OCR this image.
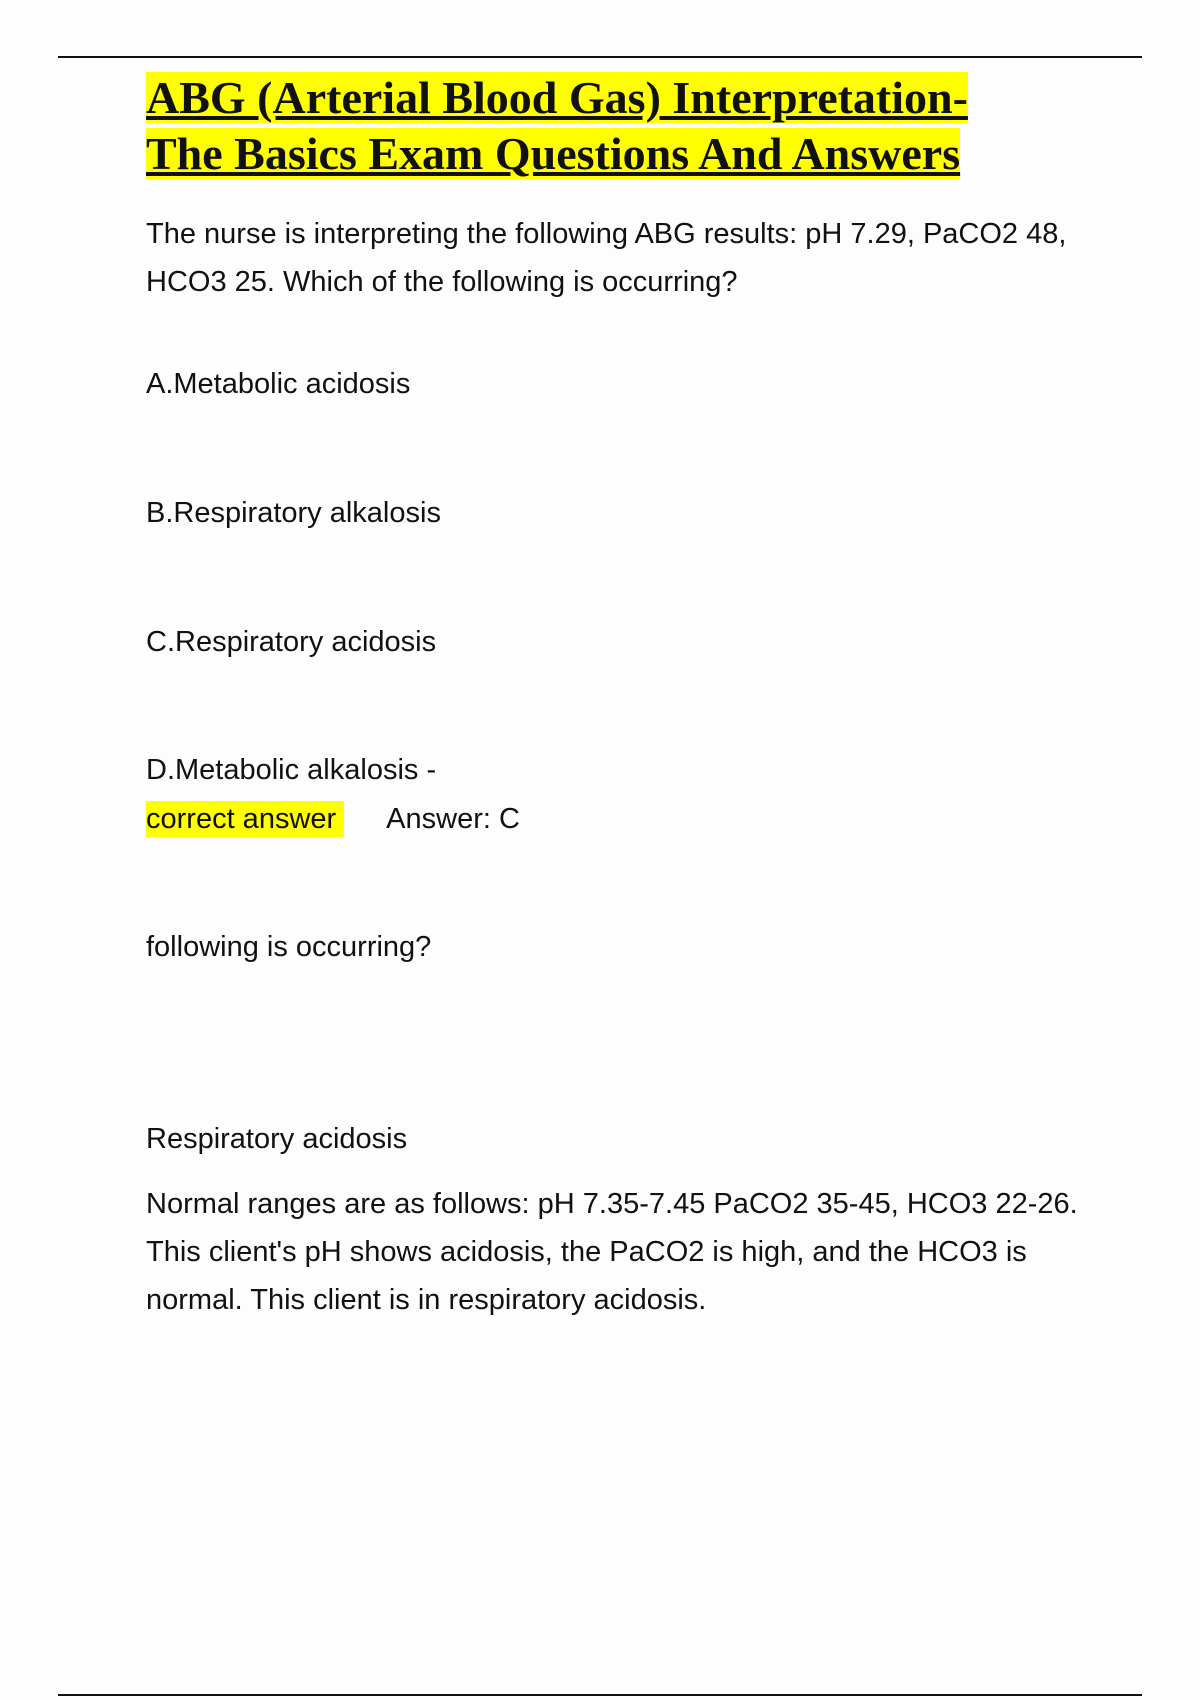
ABG (Arterial Blood Gas) Interpretation-
The Basics Exam Questions And Answers

The nurse is interpreting the following ABG results: pH 7.29, PaCO2 48, HCO3 25. Which of the following is occurring?

A.Metabolic acidosis

B.Respiratory alkalosis

C.Respiratory acidosis

D.Metabolic alkalosis -

correct answer Answer: C

following is occurring?

Respiratory acidosis

Normal ranges are as follows: pH 7.35-7.45 PaCO2 35-45, HCO3 22-26. This client's pH shows acidosis, the PaCO2 is high, and the HCO3 is normal. This client is in respiratory acidosis.
